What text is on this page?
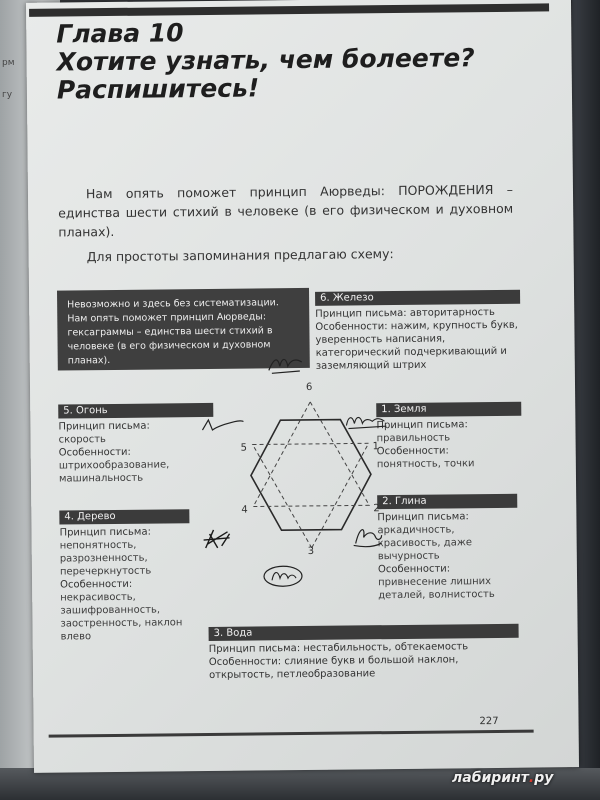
рм
гу
Глава 10
Хотите узнать, чем болеете?
Распишитесь!

Нам опять поможет принцип Аюрведы: ПОРОЖДЕНИЯ – единства шести стихий в человеке (в его физическом и духовном планах).

Для простоты запоминания предлагаю схему:

Невозможно и здесь без систематизации. Нам опять поможет принцип Аюрведы: гексаграммы – единства шести стихий в человеке (в его физическом и духовном планах).
6. Железо
Принцип письма: авторитарность Особенности: нажим, крупность букв, уверенность написания, категорический подчеркивающий и заземляющий штрих
5. Огонь
Принцип письма:
скорость
Особенности:
штрихообразование, машинальность
1. Земля
Принцип письма:
правильность
Особенности:
понятность, точки
4. Дерево
Принцип письма:
непонятность, разрозненность, перечеркнутость
Особенности:
некрасивость, зашифрованность, заостренность, наклон влево
2. Глина
Принцип письма:
аркадичность, красивость, даже вычурность
Особенности:
привнесение лишних деталей, волнистость
3. Вода
Принцип письма: нестабильность, обтекаемость
Особенности: слияние букв и большой наклон, открытость, петлеобразование
6
1
2
3
4
5
227
лабиринт.ру
